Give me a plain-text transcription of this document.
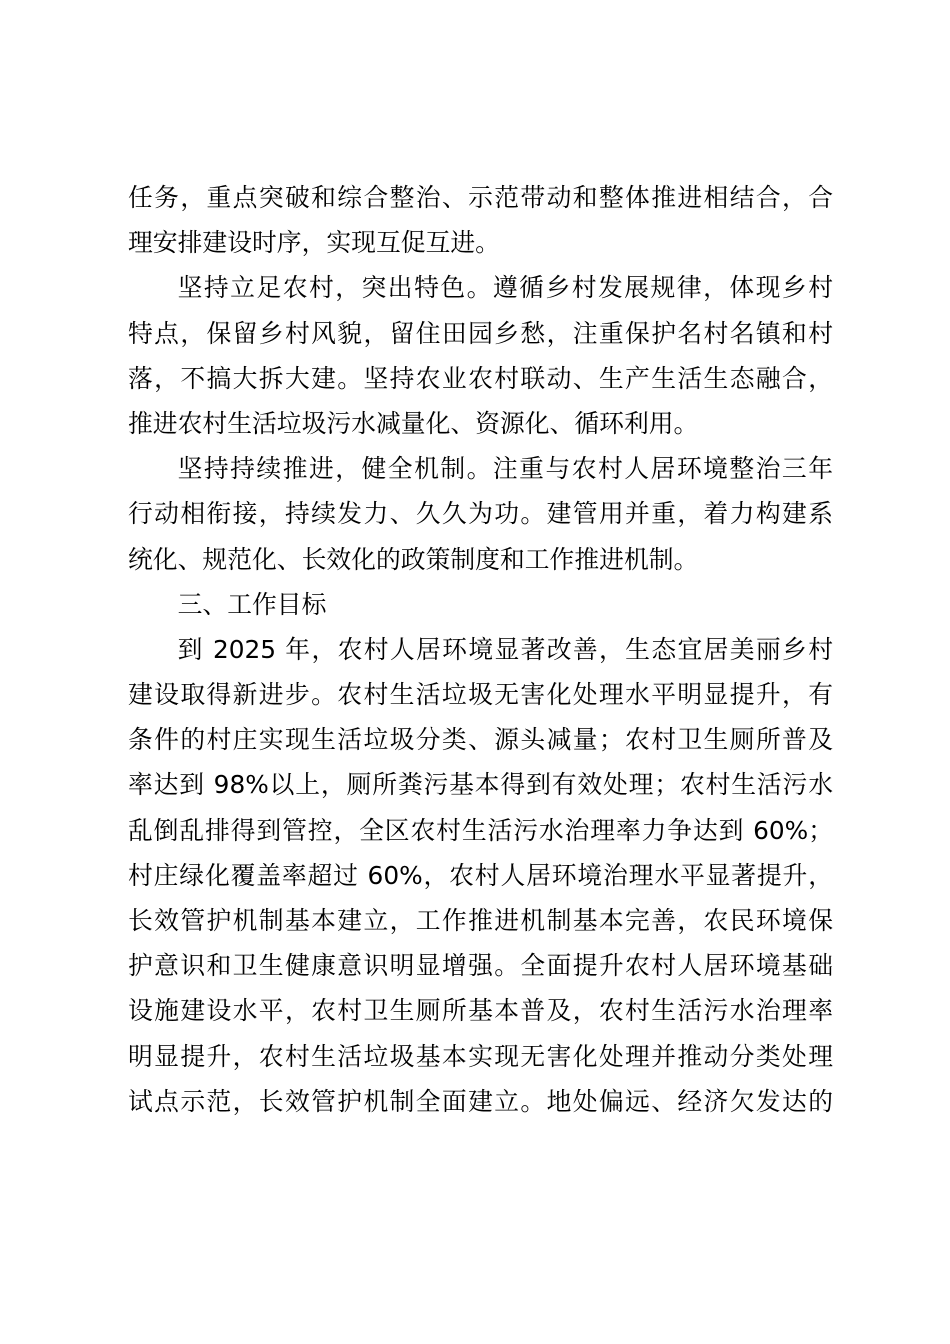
任务，重点突破和综合整治、示范带动和整体推进相结合，合
理安排建设时序，实现互促互进。
坚持立足农村，突出特色。遵循乡村发展规律，体现乡村
特点，保留乡村风貌，留住田园乡愁，注重保护名村名镇和村
落，不搞大拆大建。坚持农业农村联动、生产生活生态融合，
推进农村生活垃圾污水减量化、资源化、循环利用。
坚持持续推进，健全机制。注重与农村人居环境整治三年
行动相衔接，持续发力、久久为功。建管用并重，着力构建系
统化、规范化、长效化的政策制度和工作推进机制。
三、工作目标
到 2025 年，农村人居环境显著改善，生态宜居美丽乡村
建设取得新进步。农村生活垃圾无害化处理水平明显提升，有
条件的村庄实现生活垃圾分类、源头减量；农村卫生厕所普及
率达到 98%以上，厕所粪污基本得到有效处理；农村生活污水
乱倒乱排得到管控，全区农村生活污水治理率力争达到 60%；
村庄绿化覆盖率超过 60%，农村人居环境治理水平显著提升，
长效管护机制基本建立，工作推进机制基本完善，农民环境保
护意识和卫生健康意识明显增强。全面提升农村人居环境基础
设施建设水平，农村卫生厕所基本普及，农村生活污水治理率
明显提升，农村生活垃圾基本实现无害化处理并推动分类处理
试点示范，长效管护机制全面建立。地处偏远、经济欠发达的
